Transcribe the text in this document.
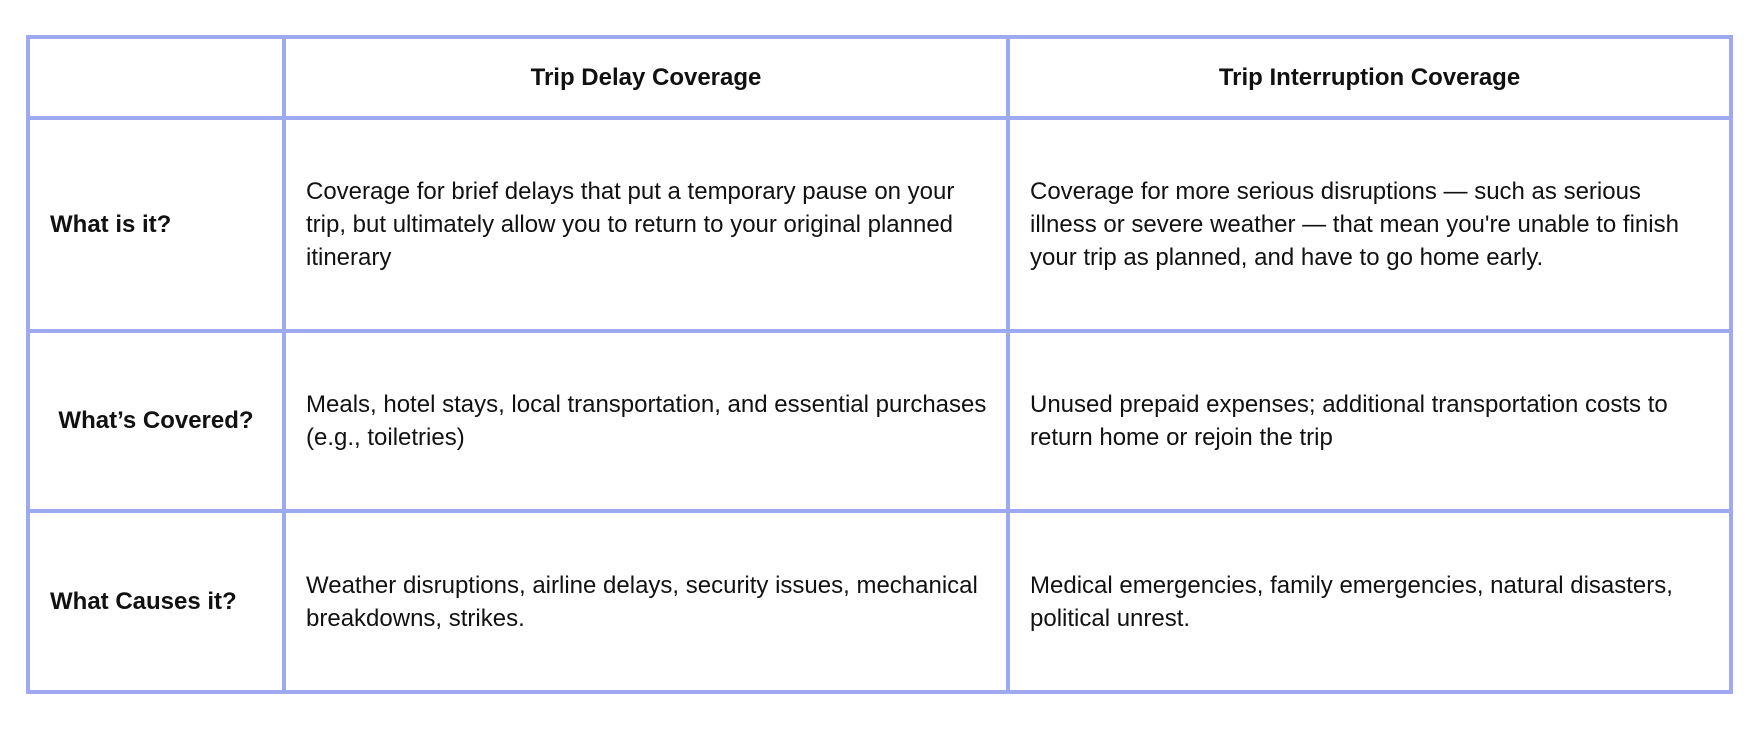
	Trip Delay Coverage	Trip Interruption Coverage
What is it?	Coverage for brief delays that put a temporary pause on your trip, but ultimately allow you to return to your original planned itinerary	Coverage for more serious disruptions — such as serious illness or severe weather — that mean you're unable to finish your trip as planned, and have to go home early.
What’s Covered?	Meals, hotel stays, local transportation, and essential purchases (e.g., toiletries)	Unused prepaid expenses; additional transportation costs to return home or rejoin the trip
What Causes it?	Weather disruptions, airline delays, security issues, mechanical breakdowns, strikes.	Medical emergencies, family emergencies, natural disasters, political unrest.
